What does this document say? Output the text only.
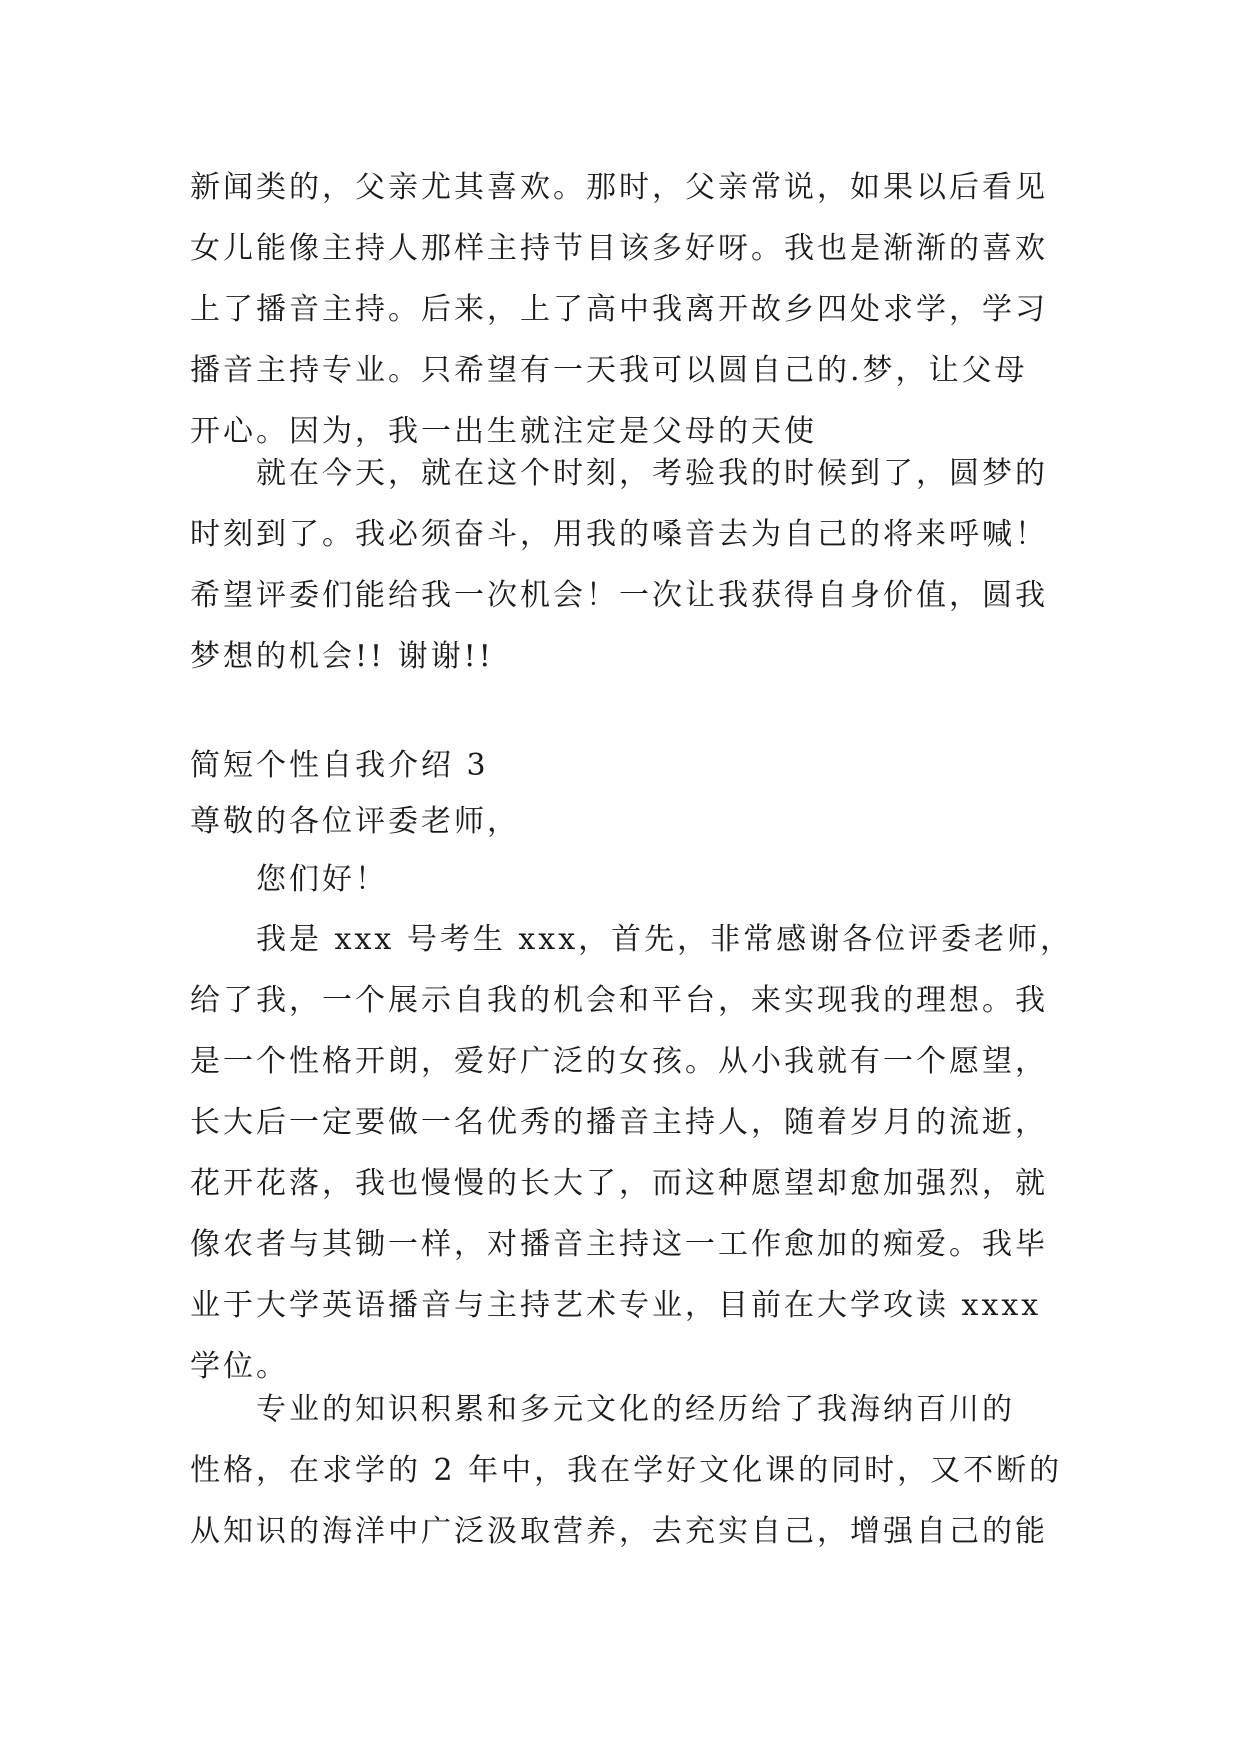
新闻类的，父亲尤其喜欢。那时，父亲常说，如果以后看见
女儿能像主持人那样主持节目该多好呀。我也是渐渐的喜欢
上了播音主持。后来，上了高中我离开故乡四处求学，学习
播音主持专业。只希望有一天我可以圆自己的.梦，让父母
开心。因为，我一出生就注定是父母的天使
就在今天，就在这个时刻，考验我的时候到了，圆梦的
时刻到了。我必须奋斗，用我的嗓音去为自己的将来呼喊！
希望评委们能给我一次机会！一次让我获得自身价值，圆我
梦想的机会!! 谢谢!!
简短个性自我介绍 3
尊敬的各位评委老师，
您们好！
我是 xxx 号考生 xxx，首先，非常感谢各位评委老师，
给了我，一个展示自我的机会和平台，来实现我的理想。我
是一个性格开朗，爱好广泛的女孩。从小我就有一个愿望，
长大后一定要做一名优秀的播音主持人，随着岁月的流逝，
花开花落，我也慢慢的长大了，而这种愿望却愈加强烈，就
像农者与其锄一样，对播音主持这一工作愈加的痴爱。我毕
业于大学英语播音与主持艺术专业，目前在大学攻读 xxxx
学位。
专业的知识积累和多元文化的经历给了我海纳百川的
性格，在求学的 2 年中，我在学好文化课的同时，又不断的
从知识的海洋中广泛汲取营养，去充实自己，增强自己的能
